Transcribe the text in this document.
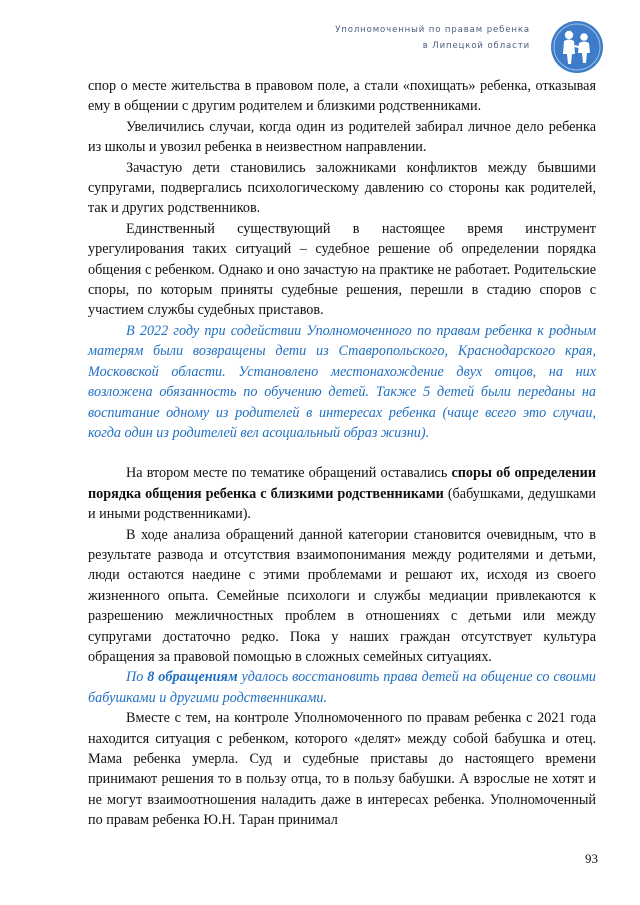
Уполномоченный по правам ребенка
в Липецкой области

спор о месте жительства в правовом поле, а стали «похищать» ребенка, отказывая ему в общении с другим родителем и близкими родственниками.

Увеличились случаи, когда один из родителей забирал личное дело ребенка из школы и увозил ребенка в неизвестном направлении.

Зачастую дети становились заложниками конфликтов между бывшими супругами, подвергались психологическому давлению со стороны как родителей, так и других родственников.

Единственный существующий в настоящее время инструмент урегулирования таких ситуаций – судебное решение об определении порядка общения с ребенком. Однако и оно зачастую на практике не работает. Родительские споры, по которым приняты судебные решения, перешли в стадию споров с участием службы судебных приставов.

В 2022 году при содействии Уполномоченного по правам ребенка к родным матерям были возвращены дети из Ставропольского, Краснодарского края, Московской области. Установлено местонахождение двух отцов, на них возложена обязанность по обучению детей. Также 5 детей были переданы на воспитание одному из родителей в интересах ребенка (чаще всего это случаи, когда один из родителей вел асоциальный образ жизни).

На втором месте по тематике обращений оставались споры об определении порядка общения ребенка с близкими родственниками (бабушками, дедушками и иными родственниками).

В ходе анализа обращений данной категории становится очевидным, что в результате развода и отсутствия взаимопонимания между родителями и детьми, люди остаются наедине с этими проблемами и решают их, исходя из своего жизненного опыта. Семейные психологи и службы медиации привлекаются к разрешению межличностных проблем в отношениях с детьми или между супругами достаточно редко. Пока у наших граждан отсутствует культура обращения за правовой помощью в сложных семейных ситуациях.

По 8 обращениям удалось восстановить права детей на общение со своими бабушками и другими родственниками.

Вместе с тем, на контроле Уполномоченного по правам ребенка с 2021 года находится ситуация с ребенком, которого «делят» между собой бабушка и отец. Мама ребенка умерла. Суд и судебные приставы до настоящего времени принимают решения то в пользу отца, то в пользу бабушки. А взрослые не хотят и не могут взаимоотношения наладить даже в интересах ребенка. Уполномоченный по правам ребенка Ю.Н. Таран принимал

93
